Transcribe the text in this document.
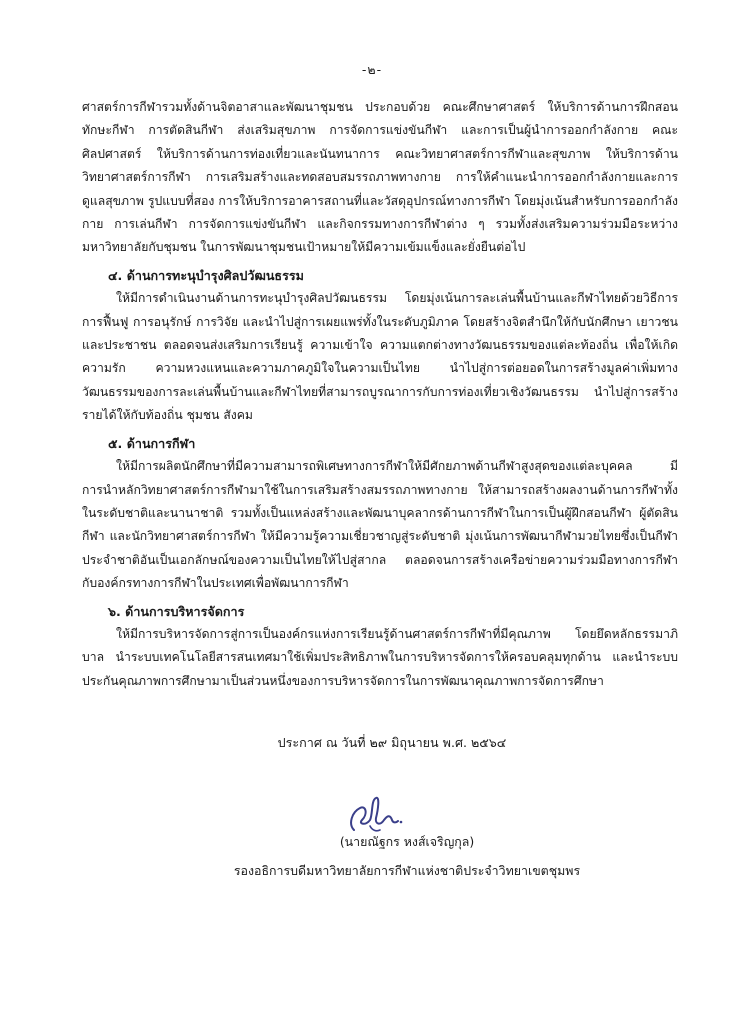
-๒-

ศาสตร์การกีฬารวมทั้งด้านจิตอาสาและพัฒนาชุมชน ประกอบด้วย คณะศึกษาศาสตร์ ให้บริการด้านการฝึกสอนทักษะกีฬา การตัดสินกีฬา ส่งเสริมสุขภาพ การจัดการแข่งขันกีฬา และการเป็นผู้นำการออกกำลังกาย คณะศิลปศาสตร์ ให้บริการด้านการท่องเที่ยวและนันทนาการ คณะวิทยาศาสตร์การกีฬาและสุขภาพ ให้บริการด้านวิทยาศาสตร์การกีฬา การเสริมสร้างและทดสอบสมรรถภาพทางกาย การให้คำแนะนำการออกกำลังกายและการดูแลสุขภาพ รูปแบบที่สอง การให้บริการอาคารสถานที่และวัสดุอุปกรณ์ทางการกีฬา โดยมุ่งเน้นสำหรับการออกกำลังกาย การเล่นกีฬา การจัดการแข่งขันกีฬา และกิจกรรมทางการกีฬาต่าง ๆ รวมทั้งส่งเสริมความร่วมมือระหว่างมหาวิทยาลัยกับชุมชน ในการพัฒนาชุมชนเป้าหมายให้มีความเข้มแข็งและยั่งยืนต่อไป

๔. ด้านการทะนุบำรุงศิลปวัฒนธรรม

ให้มีการดำเนินงานด้านการทะนุบำรุงศิลปวัฒนธรรม โดยมุ่งเน้นการละเล่นพื้นบ้านและกีฬาไทยด้วยวิธีการการฟื้นฟู การอนุรักษ์ การวิจัย และนำไปสู่การเผยแพร่ทั้งในระดับภูมิภาค โดยสร้างจิตสำนึกให้กับนักศึกษา เยาวชน และประชาชน ตลอดจนส่งเสริมการเรียนรู้ ความเข้าใจ ความแตกต่างทางวัฒนธรรมของแต่ละท้องถิ่น เพื่อให้เกิดความรัก ความหวงแหนและความภาคภูมิใจในความเป็นไทย นำไปสู่การต่อยอดในการสร้างมูลค่าเพิ่มทางวัฒนธรรมของการละเล่นพื้นบ้านและกีฬาไทยที่สามารถบูรณาการกับการท่องเที่ยวเชิงวัฒนธรรม นำไปสู่การสร้างรายได้ให้กับท้องถิ่น ชุมชน สังคม

๕. ด้านการกีฬา

ให้มีการผลิตนักศึกษาที่มีความสามารถพิเศษทางการกีฬาให้มีศักยภาพด้านกีฬาสูงสุดของแต่ละบุคคล มีการนำหลักวิทยาศาสตร์การกีฬามาใช้ในการเสริมสร้างสมรรถภาพทางกาย ให้สามารถสร้างผลงานด้านการกีฬาทั้งในระดับชาติและนานาชาติ รวมทั้งเป็นแหล่งสร้างและพัฒนาบุคลากรด้านการกีฬาในการเป็นผู้ฝึกสอนกีฬา ผู้ตัดสินกีฬา และนักวิทยาศาสตร์การกีฬา ให้มีความรู้ความเชี่ยวชาญสู่ระดับชาติ มุ่งเน้นการพัฒนากีฬามวยไทยซึ่งเป็นกีฬาประจำชาติอันเป็นเอกลักษณ์ของความเป็นไทยให้ไปสู่สากล ตลอดจนการสร้างเครือข่ายความร่วมมือทางการกีฬากับองค์กรทางการกีฬาในประเทศเพื่อพัฒนาการกีฬา

๖. ด้านการบริหารจัดการ

ให้มีการบริหารจัดการสู่การเป็นองค์กรแห่งการเรียนรู้ด้านศาสตร์การกีฬาที่มีคุณภาพ โดยยึดหลักธรรมาภิบาล นำระบบเทคโนโลยีสารสนเทศมาใช้เพิ่มประสิทธิภาพในการบริหารจัดการให้ครอบคลุมทุกด้าน และนำระบบประกันคุณภาพการศึกษามาเป็นส่วนหนึ่งของการบริหารจัดการในการพัฒนาคุณภาพการจัดการศึกษา

ประกาศ ณ วันที่ ๒๙ มิถุนายน พ.ศ. ๒๕๖๔
(นายณัฐกร หงส์เจริญกุล)
รองอธิการบดีมหาวิทยาลัยการกีฬาแห่งชาติประจำวิทยาเขตชุมพร
